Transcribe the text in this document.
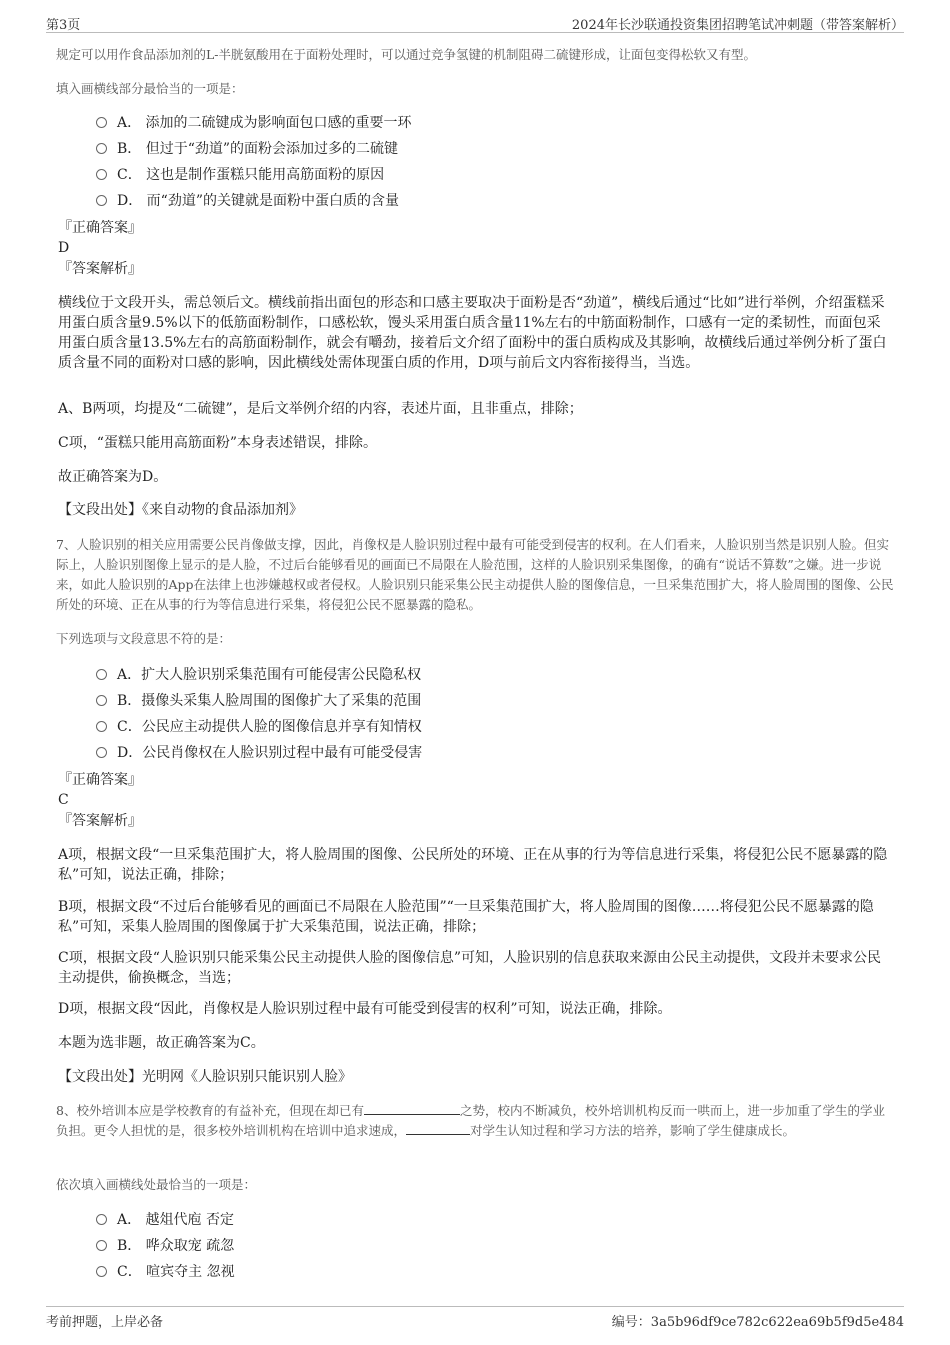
第3页	2024年长沙联通投资集团招聘笔试冲刺题（带答案解析）

规定可以用作食品添加剂的L-半胱氨酸用在于面粉处理时，可以通过竞争氢键的机制阻碍二硫键形成，让面包变得松软又有型。

填入画横线部分最恰当的一项是：

A． 添加的二硫键成为影响面包口感的重要一环
B． 但过于“劲道”的面粉会添加过多的二硫键
C． 这也是制作蛋糕只能用高筋面粉的原因
D． 而“劲道”的关键就是面粉中蛋白质的含量
『正确答案』
D
『答案解析』

横线位于文段开头，需总领后文。横线前指出面包的形态和口感主要取决于面粉是否“劲道”，横线后通过“比如”进行举例，介绍蛋糕采用蛋白质含量9.5%以下的低筋面粉制作，口感松软，馒头采用蛋白质含量11%左右的中筋面粉制作，口感有一定的柔韧性，而面包采用蛋白质含量13.5%左右的高筋面粉制作，就会有嚼劲，接着后文介绍了面粉中的蛋白质构成及其影响，故横线后通过举例分析了蛋白质含量不同的面粉对口感的影响，因此横线处需体现蛋白质的作用，D项与前后文内容衔接得当，当选。

A、B两项，均提及“二硫键”，是后文举例介绍的内容，表述片面，且非重点，排除；

C项，“蛋糕只能用高筋面粉”本身表述错误，排除。

故正确答案为D。

【文段出处】《来自动物的食品添加剂》

7、人脸识别的相关应用需要公民肖像做支撑，因此，肖像权是人脸识别过程中最有可能受到侵害的权利。在人们看来，人脸识别当然是识别人脸。但实际上，人脸识别图像上显示的是人脸，不过后台能够看见的画面已不局限在人脸范围，这样的人脸识别采集图像，的确有“说话不算数”之嫌。进一步说来，如此人脸识别的App在法律上也涉嫌越权或者侵权。人脸识别只能采集公民主动提供人脸的图像信息，一旦采集范围扩大，将人脸周围的图像、公民所处的环境、正在从事的行为等信息进行采集，将侵犯公民不愿暴露的隐私。

下列选项与文段意思不符的是：

A．扩大人脸识别采集范围有可能侵害公民隐私权
B．摄像头采集人脸周围的图像扩大了采集的范围
C．公民应主动提供人脸的图像信息并享有知情权
D．公民肖像权在人脸识别过程中最有可能受侵害
『正确答案』
C
『答案解析』

A项，根据文段“一旦采集范围扩大，将人脸周围的图像、公民所处的环境、正在从事的行为等信息进行采集，将侵犯公民不愿暴露的隐私”可知，说法正确，排除；

B项，根据文段“不过后台能够看见的画面已不局限在人脸范围”“一旦采集范围扩大，将人脸周围的图像……将侵犯公民不愿暴露的隐私”可知，采集人脸周围的图像属于扩大采集范围，说法正确，排除；

C项，根据文段“人脸识别只能采集公民主动提供人脸的图像信息”可知，人脸识别的信息获取来源由公民主动提供，文段并未要求公民主动提供，偷换概念，当选；

D项，根据文段“因此，肖像权是人脸识别过程中最有可能受到侵害的权利”可知，说法正确，排除。

本题为选非题，故正确答案为C。

【文段出处】光明网《人脸识别只能识别人脸》

8、校外培训本应是学校教育的有益补充，但现在却已有	之势，校内不断减负，校外培训机构反而一哄而上，进一步加重了学生的学业负担。更令人担忧的是，很多校外培训机构在培训中追求速成，	对学生认知过程和学习方法的培养，影响了学生健康成长。

依次填入画横线处最恰当的一项是：

A． 越俎代庖 否定
B． 哗众取宠 疏忽
C． 喧宾夺主 忽视
考前押题，上岸必备	编号：3a5b96df9ce782c622ea69b5f9d5e484
